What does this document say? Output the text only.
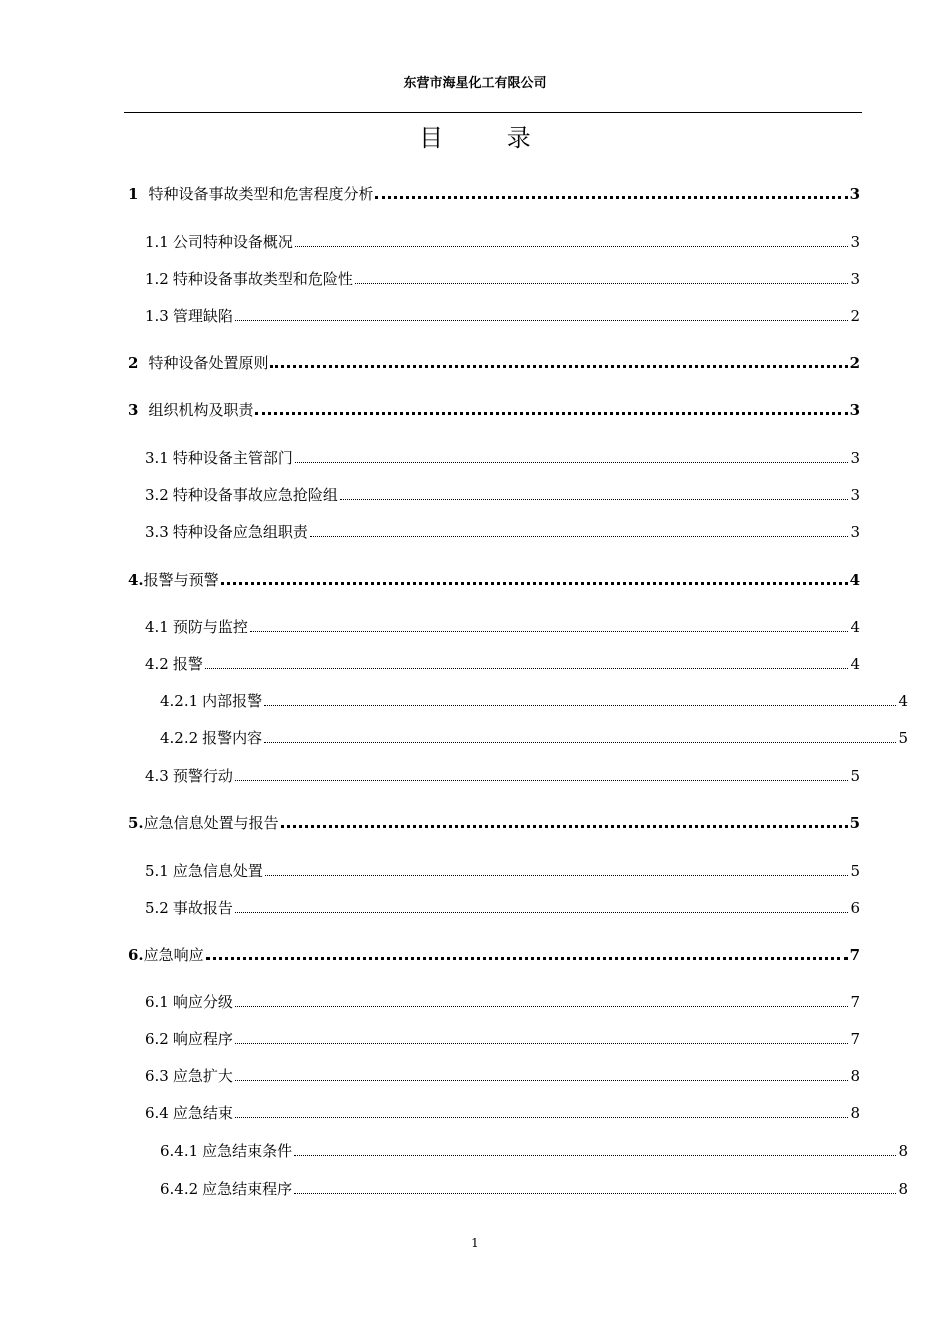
东营市海星化工有限公司
目 录
1 特种设备事故类型和危害程度分析	3
1.1 公司特种设备概况	3
1.2 特种设备事故类型和危险性	3
1.3 管理缺陷	2
2 特种设备处置原则	2
3 组织机构及职责	3
3.1 特种设备主管部门	3
3.2 特种设备事故应急抢险组	3
3.3 特种设备应急组职责	3
4. 报警与预警	4
4.1 预防与监控	4
4.2 报警	4
4.2.1 内部报警	4
4.2.2 报警内容	5
4.3 预警行动	5
5. 应急信息处置与报告	5
5.1 应急信息处置	5
5.2 事故报告	6
6. 应急响应	7
6.1 响应分级	7
6.2 响应程序	7
6.3 应急扩大	8
6.4 应急结束	8
6.4.1 应急结束条件	8
6.4.2 应急结束程序	8
1
